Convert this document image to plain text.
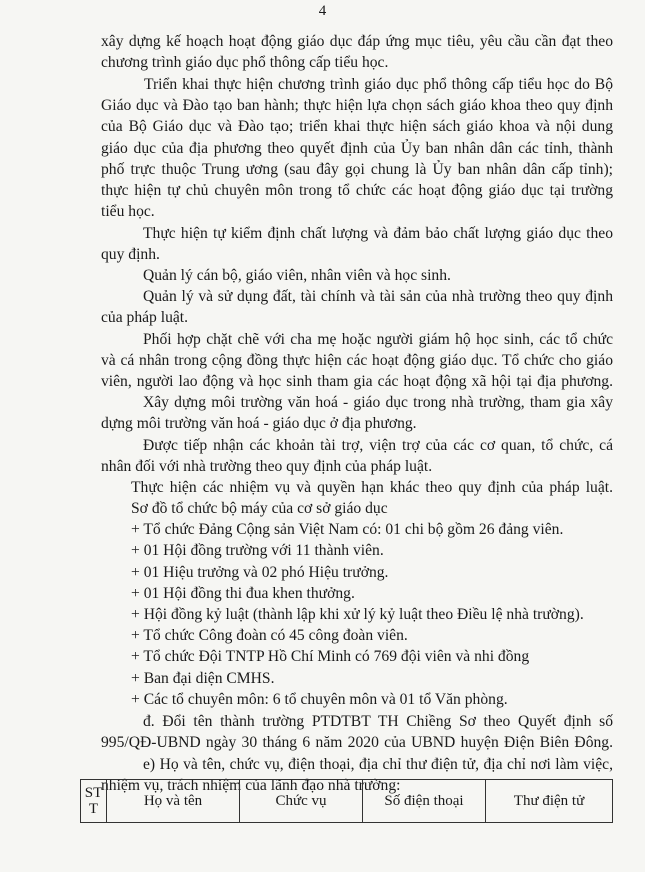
4
xây dựng kế hoạch hoạt động giáo dục đáp ứng mục tiêu, yêu cầu cần đạt theo
chương trình giáo dục phổ thông cấp tiểu học.
Triển khai thực hiện chương trình giáo dục phổ thông cấp tiểu học do Bộ
Giáo dục và Đào tạo ban hành; thực hiện lựa chọn sách giáo khoa theo quy định
của Bộ Giáo dục và Đào tạo; triển khai thực hiện sách giáo khoa và nội dung
giáo dục của địa phương theo quyết định của Ủy ban nhân dân các tỉnh, thành
phố trực thuộc Trung ương (sau đây gọi chung là Ủy ban nhân dân cấp tỉnh);
thực hiện tự chủ chuyên môn trong tổ chức các hoạt động giáo dục tại trường
tiểu học.
Thực hiện tự kiểm định chất lượng và đảm bảo chất lượng giáo dục theo
quy định.
Quản lý cán bộ, giáo viên, nhân viên và học sinh.
Quản lý và sử dụng đất, tài chính và tài sản của nhà trường theo quy định
của pháp luật.
Phối hợp chặt chẽ với cha mẹ hoặc người giám hộ học sinh, các tổ chức
và cá nhân trong cộng đồng thực hiện các hoạt động giáo dục. Tổ chức cho giáo
viên, người lao động và học sinh tham gia các hoạt động xã hội tại địa phương.
Xây dựng môi trường văn hoá - giáo dục trong nhà trường, tham gia xây
dựng môi trường văn hoá - giáo dục ở địa phương.
Được tiếp nhận các khoản tài trợ, viện trợ của các cơ quan, tổ chức, cá
nhân đối với nhà trường theo quy định của pháp luật.
Thực hiện các nhiệm vụ và quyền hạn khác theo quy định của pháp luật.
Sơ đồ tổ chức bộ máy của cơ sở giáo dục
+ Tổ chức Đảng Cộng sản Việt Nam có: 01 chi bộ gồm 26 đảng viên.
+ 01 Hội đồng trường với 11 thành viên.
+ 01 Hiệu trưởng và 02 phó Hiệu trưởng.
+ 01 Hội đồng thi đua khen thưởng.
+ Hội đồng kỷ luật (thành lập khi xử lý kỷ luật theo Điều lệ nhà trường).
+ Tổ chức Công đoàn có 45 công đoàn viên.
+ Tổ chức Đội TNTP Hồ Chí Minh có 769 đội viên và nhi đồng
+ Ban đại diện CMHS.
+ Các tổ chuyên môn: 6 tổ chuyên môn và 01 tổ Văn phòng.
đ. Đổi tên thành trường PTDTBT TH Chiềng Sơ theo Quyết định số
995/QĐ-UBND ngày 30 tháng 6 năm 2020 của UBND huyện Điện Biên Đông.
e) Họ và tên, chức vụ, điện thoại, địa chỉ thư điện tử, địa chỉ nơi làm việc,
nhiệm vụ, trách nhiệm của lãnh đạo nhà trường:
ST
T	Họ và tên	Chức vụ	Số điện thoại	Thư điện tử
